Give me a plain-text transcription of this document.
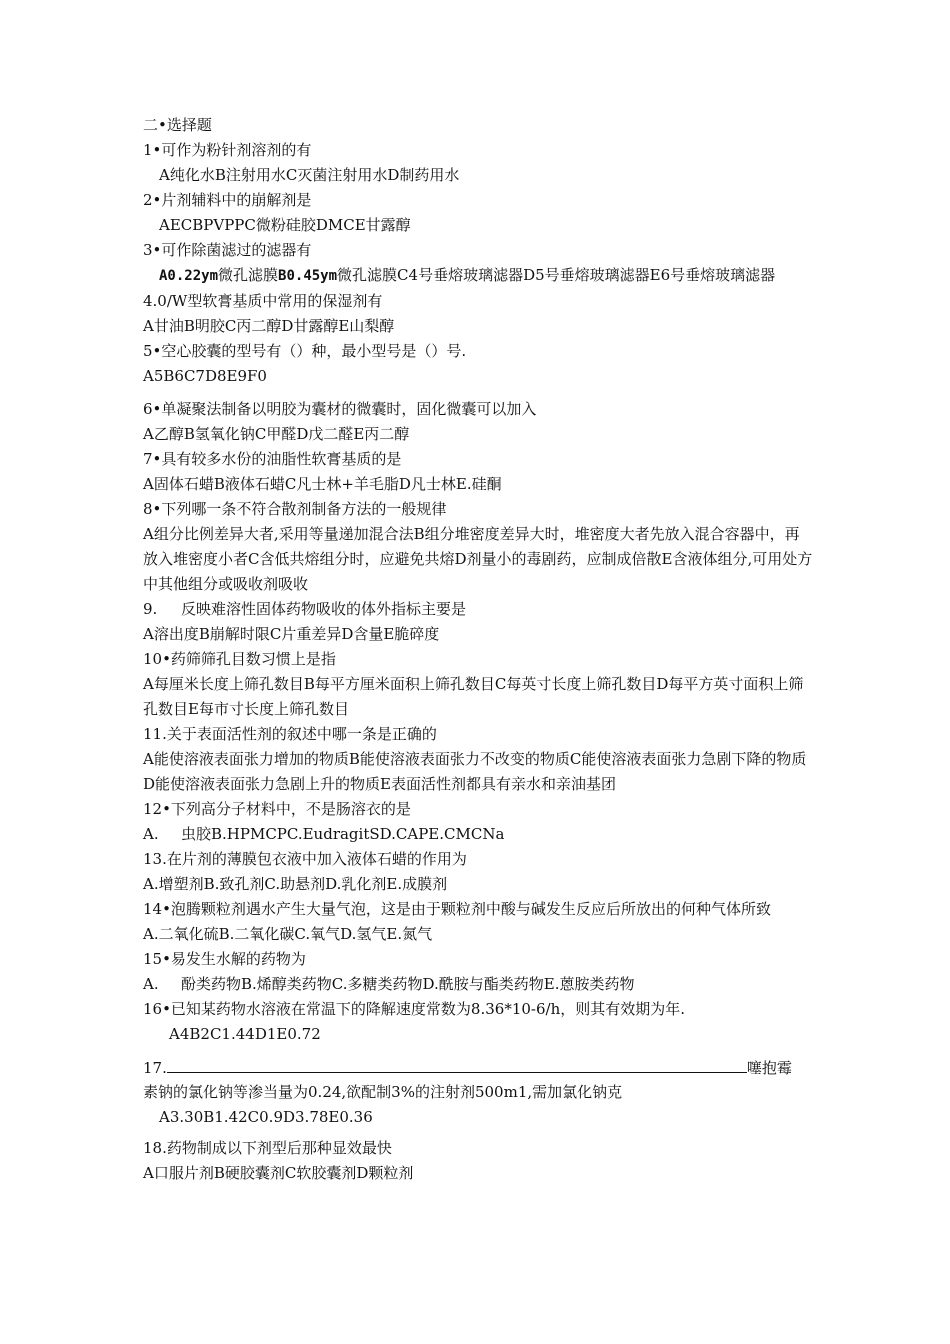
二•选择题
1•可作为粉针剂溶剂的有
A纯化水B注射用水C灭菌注射用水D制药用水
2•片剂辅料中的崩解剂是
AECBPVPPC微粉硅胶DMCE甘露醇
3•可作除菌滤过的滤器有
A0.22ym微孔滤膜B0.45ym微孔滤膜C4号垂熔玻璃滤器D5号垂熔玻璃滤器E6号垂熔玻璃滤器
4.0/W型软膏基质中常用的保湿剂有
A甘油B明胶C丙二醇D甘露醇E山梨醇
5•空心胶囊的型号有（）种，最小型号是（）号.
A5B6C7D8E9F0
6•单凝聚法制备以明胶为囊材的微囊时，固化微囊可以加入
A乙醇B氢氧化钠C甲醛D戊二醛E丙二醇
7•具有较多水份的油脂性软膏基质的是
A固体石蜡B液体石蜡C凡士林+羊毛脂D凡士林E.硅酮
8•下列哪一条不符合散剂制备方法的一般规律
A组分比例差异大者,采用等量递加混合法B组分堆密度差异大时，堆密度大者先放入混合容器中，再放入堆密度小者C含低共熔组分时，应避免共熔D剂量小的毒剧药，应制成倍散E含液体组分,可用处方中其他组分或吸收剂吸收
9. 反映难溶性固体药物吸收的体外指标主要是
A溶出度B崩解时限C片重差异D含量E脆碎度
10•药筛筛孔目数习惯上是指
A每厘米长度上筛孔数目B每平方厘米面积上筛孔数目C每英寸长度上筛孔数目D每平方英寸面积上筛孔数目E每市寸长度上筛孔数目
11.关于表面活性剂的叙述中哪一条是正确的
A能使溶液表面张力增加的物质B能使溶液表面张力不改变的物质C能使溶液表面张力急剧下降的物质D能使溶液表面张力急剧上升的物质E表面活性剂都具有亲水和亲油基团
12•下列高分子材料中，不是肠溶衣的是
A. 虫胶B.HPMCPC.EudragitSD.CAPE.CMCNa
13.在片剂的薄膜包衣液中加入液体石蜡的作用为
A.增塑剂B.致孔剂C.助悬剂D.乳化剂E.成膜剂
14•泡腾颗粒剂遇水产生大量气泡，这是由于颗粒剂中酸与碱发生反应后所放出的何种气体所致
A.二氧化硫B.二氧化碳C.氧气D.氢气E.氮气
15•易发生水解的药物为
A. 酚类药物B.烯醇类药物C.多糖类药物D.酰胺与酯类药物E.蒽胺类药物
16•已知某药物水溶液在常温下的降解速度常数为8.36*10-6/h，则其有效期为年.
A4B2C1.44D1E0.72
17.	噻抱霉
素钠的氯化钠等渗当量为0.24,欲配制3%的注射剂500m1,需加氯化钠克
A3.30B1.42C0.9D3.78E0.36
18.药物制成以下剂型后那种显效最快
A口服片剂B硬胶囊剂C软胶囊剂D颗粒剂
